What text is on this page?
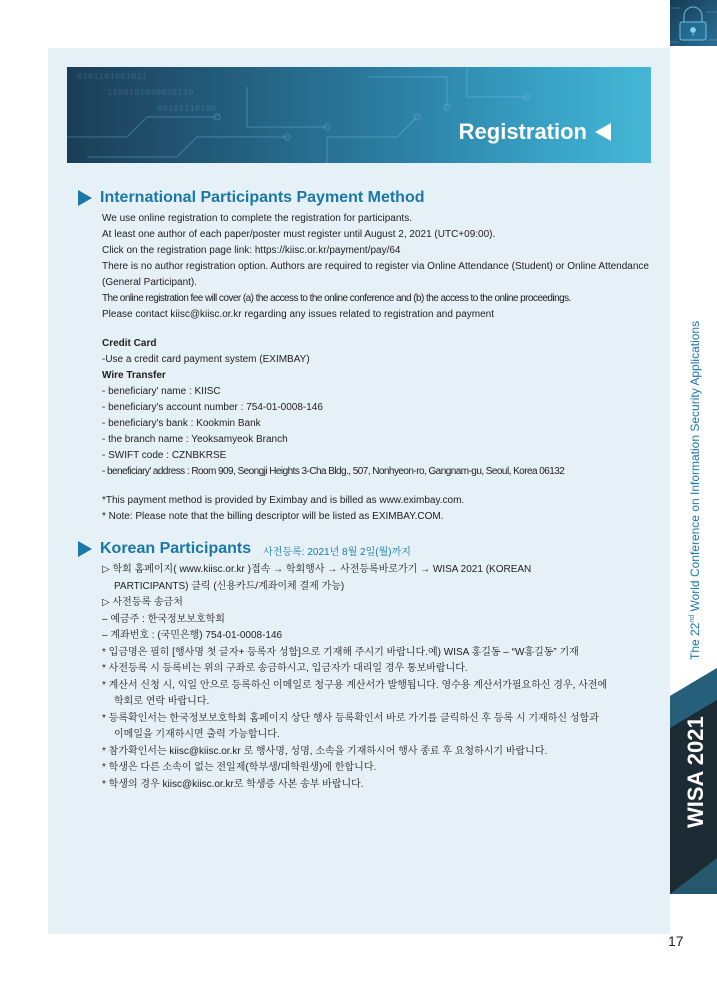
0101101001011
1100101010010110
00101110100
Registration
International Participants Payment Method

We use online registration to complete the registration for participants.

At least one author of each paper/poster must register until August 2, 2021 (UTC+09:00).

Click on the registration page link: https://kiisc.or.kr/payment/pay/64

There is no author registration option. Authors are required to register via Online Attendance (Student) or Online Attendance (General Participant).

The online registration fee will cover (a) the access to the online conference and (b) the access to the online proceedings.

Please contact kiisc@kiisc.or.kr regarding any issues related to registration and payment

Credit Card

-Use a credit card payment system (EXIMBAY)

Wire Transfer

- beneficiary' name : KIISC

- beneficiary's account number : 754-01-0008-146

- beneficiary's bank : Kookmin Bank

- the branch name : Yeoksamyeok Branch

- SWIFT code : CZNBKRSE

- beneficiary' address : Room 909, Seongji Heights 3-Cha Bldg., 507, Nonhyeon-ro, Gangnam-gu, Seoul, Korea 06132

*This payment method is provided by Eximbay and is billed as www.eximbay.com.

* Note: Please note that the billing descriptor will be listed as EXIMBAY.COM.

Korean Participants 사전등록: 2021년 8월 2일(월)까지

▷ 학회 홈페이지( www.kiisc.or.kr )접속 → 학회행사 → 사전등록바로가기 → WISA 2021 (KOREAN

PARTICIPANTS) 클릭 (신용카드/계좌이체 결제 가능)

▷ 사전등록 송금처

– 예금주 : 한국정보보호학회

– 계좌번호 : (국민은행) 754-01-0008-146

* 입금명은 필히 [행사명 첫 글자+ 등록자 성함]으로 기재해 주시기 바랍니다.예) WISA 홍길동 – “W홍길동” 기재

* 사전등록 시 등록비는 위의 구좌로 송금하시고, 입금자가 대리일 경우 통보바랍니다.

* 계산서 신청 시, 익일 안으로 등록하신 이메일로 청구용 계산서가 발행됩니다. 영수용 계산서가필요하신 경우, 사전에

학회로 연락 바랍니다.

* 등록확인서는 한국정보보호학회 홈페이지 상단 행사 등록확인서 바로 가기를 클릭하신 후 등록 시 기재하신 성함과

이메일을 기재하시면 출력 가능합니다.

* 참가확인서는 kiisc@kiisc.or.kr 로 행사명, 성명, 소속을 기재하시어 행사 종료 후 요청하시기 바랍니다.

* 학생은 다른 소속이 없는 전일제(학부생/대학원생)에 한합니다.

* 학생의 경우 kiisc@kiisc.or.kr로 학생증 사본 송부 바랍니다.

The 22nd World Conference on Information Security Applications
WISA 2021
17
